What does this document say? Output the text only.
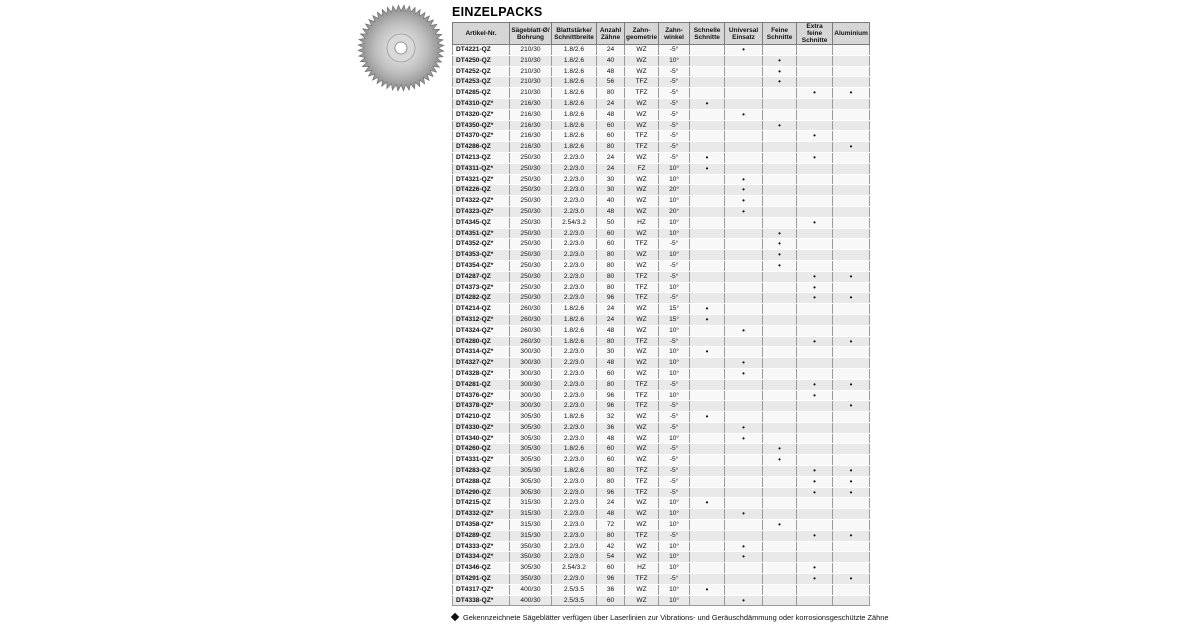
EINZELPACKS
Artikel-Nr.	Sägeblatt-Ø/ Bohrung	Blattstärke/ Schnittbreite	Anzahl Zähne	Zahn- geometrie	Zahn- winkel	Schnelle Schnitte	Universal Einsatz	Feine Schnitte	Extra feine Schnitte	Aluminium
DT4221-QZ	210/30	1.8/2.6	24	WZ	-5°		•			
DT4250-QZ	210/30	1.8/2.6	40	WZ	10°			•		
DT4252-QZ	210/30	1.8/2.6	48	WZ	-5°			•		
DT4253-QZ	210/30	1.8/2.6	56	TFZ	-5°			•		
DT4285-QZ	210/30	1.8/2.6	80	TFZ	-5°				•	•
DT4310-QZ*	216/30	1.8/2.6	24	WZ	-5°	•				
DT4320-QZ*	216/30	1.8/2.6	48	WZ	-5°		•			
DT4350-QZ*	216/30	1.8/2.6	60	WZ	-5°			•		
DT4370-QZ*	216/30	1.8/2.6	60	TFZ	-5°				•	
DT4286-QZ	216/30	1.8/2.6	80	TFZ	-5°					•
DT4213-QZ	250/30	2.2/3.0	24	WZ	-5°	•			•	
DT4311-QZ*	250/30	2.2/3.0	24	FZ	10°	•				
DT4321-QZ*	250/30	2.2/3.0	30	WZ	10°		•			
DT4226-QZ	250/30	2.2/3.0	30	WZ	20°		•			
DT4322-QZ*	250/30	2.2/3.0	40	WZ	10°		•			
DT4323-QZ*	250/30	2.2/3.0	48	WZ	20°		•			
DT4345-QZ	250/30	2.54/3.2	50	HZ	10°				•	
DT4351-QZ*	250/30	2.2/3.0	60	WZ	10°			•		
DT4352-QZ*	250/30	2.2/3.0	60	TFZ	-5°			•		
DT4353-QZ*	250/30	2.2/3.0	80	WZ	10°			•		
DT4354-QZ*	250/30	2.2/3.0	80	WZ	-5°			•		
DT4287-QZ	250/30	2.2/3.0	80	TFZ	-5°				•	•
DT4373-QZ*	250/30	2.2/3.0	80	TFZ	10°				•	
DT4282-QZ	250/30	2.2/3.0	96	TFZ	-5°				•	•
DT4214-QZ	260/30	1.8/2.6	24	WZ	15°	•				
DT4312-QZ*	260/30	1.8/2.6	24	WZ	15°	•				
DT4324-QZ*	260/30	1.8/2.6	48	WZ	10°		•			
DT4280-QZ	260/30	1.8/2.6	80	TFZ	-5°				•	•
DT4314-QZ*	300/30	2.2/3.0	30	WZ	10°	•				
DT4327-QZ*	300/30	2.2/3.0	48	WZ	10°		•			
DT4328-QZ*	300/30	2.2/3.0	60	WZ	10°		•			
DT4281-QZ	300/30	2.2/3.0	80	TFZ	-5°				•	•
DT4376-QZ*	300/30	2.2/3.0	96	TFZ	10°				•	
DT4378-QZ*	300/30	2.2/3.0	96	TFZ	-5°					•
DT4210-QZ	305/30	1.8/2.6	32	WZ	-5°	•				
DT4330-QZ*	305/30	2.2/3.0	36	WZ	-5°		•			
DT4340-QZ*	305/30	2.2/3.0	48	WZ	10°		•			
DT4260-QZ	305/30	1.8/2.6	60	WZ	-5°			•		
DT4331-QZ*	305/30	2.2/3.0	60	WZ	-5°			•		
DT4283-QZ	305/30	1.8/2.6	80	TFZ	-5°				•	•
DT4288-QZ	305/30	2.2/3.0	80	TFZ	-5°				•	•
DT4290-QZ	305/30	2.2/3.0	96	TFZ	-5°				•	•
DT4215-QZ	315/30	2.2/3.0	24	WZ	10°	•				
DT4332-QZ*	315/30	2.2/3.0	48	WZ	10°		•			
DT4358-QZ*	315/30	2.2/3.0	72	WZ	10°			•		
DT4289-QZ	315/30	2.2/3.0	80	TFZ	-5°				•	•
DT4333-QZ*	350/30	2.2/3.0	42	WZ	10°		•			
DT4334-QZ*	350/30	2.2/3.0	54	WZ	10°		•			
DT4346-QZ	305/30	2.54/3.2	60	HZ	10°				•	
DT4291-QZ	350/30	2.2/3.0	96	TFZ	-5°				•	•
DT4317-QZ*	400/30	2.5/3.5	36	WZ	10°	•				
DT4338-QZ*	400/30	2.5/3.5	60	WZ	10°		•			
Gekennzeichnete Sägeblätter verfügen über Laserlinien zur Vibrations- und Geräuschdämmung oder korrosionsgeschützte Zähne
